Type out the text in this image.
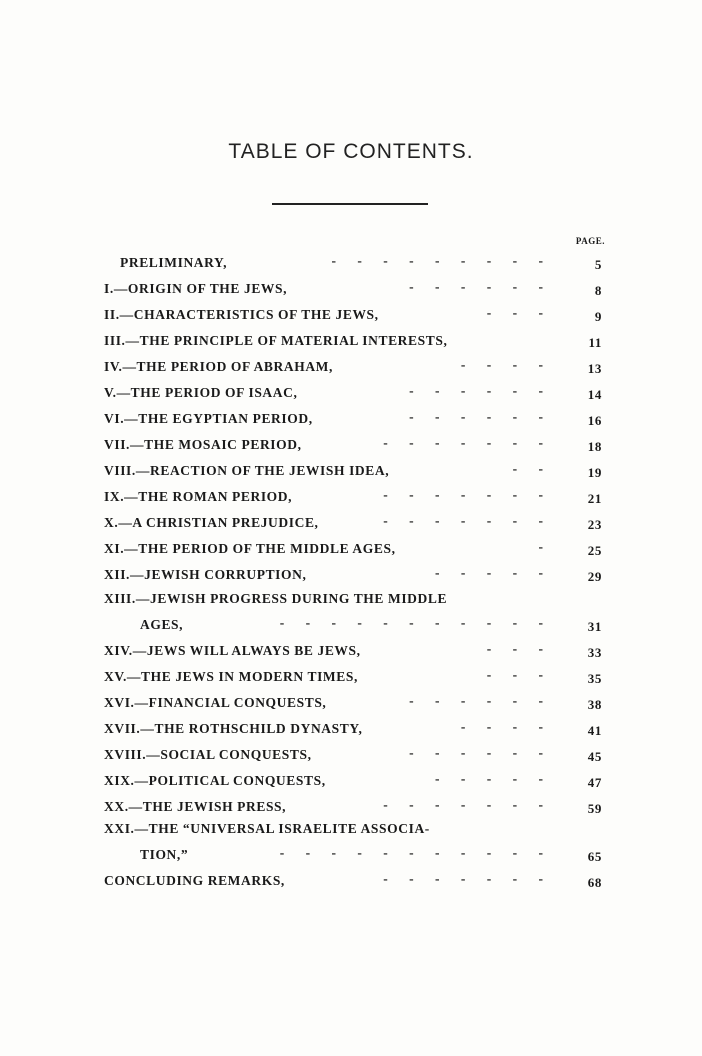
TABLE OF CONTENTS.
PAGE.
PRELIMINARY,	- - - - - - - - -	5
I.—ORIGIN OF THE JEWS,	- - - - - -	8
II.—CHARACTERISTICS OF THE JEWS,	- - -	9
III.—THE PRINCIPLE OF MATERIAL INTERESTS,	11
IV.—THE PERIOD OF ABRAHAM,	- - - -	13
V.—THE PERIOD OF ISAAC,	- - - - - -	14
VI.—THE EGYPTIAN PERIOD,	- - - - - -	16
VII.—THE MOSAIC PERIOD,	- - - - - - -	18
VIII.—REACTION OF THE JEWISH IDEA,	- -	19
IX.—THE ROMAN PERIOD,	- - - - - - -	21
X.—A CHRISTIAN PREJUDICE,	- - - - - - -	23
XI.—THE PERIOD OF THE MIDDLE AGES,	-	25
XII.—JEWISH CORRUPTION,	- - - - -	29
XIII.—JEWISH PROGRESS DURING THE MIDDLE
AGES,	- - - - - - - - - - -	31
XIV.—JEWS WILL ALWAYS BE JEWS,	- - -	33
XV.—THE JEWS IN MODERN TIMES,	- - -	35
XVI.—FINANCIAL CONQUESTS,	- - - - - -	38
XVII.—THE ROTHSCHILD DYNASTY,	- - - -	41
XVIII.—SOCIAL CONQUESTS,	- - - - - -	45
XIX.—POLITICAL CONQUESTS,	- - - - -	47
XX.—THE JEWISH PRESS,	- - - - - - -	59
XXI.—THE “UNIVERSAL ISRAELITE ASSOCIA-
TION,”	- - - - - - - - - - -	65
CONCLUDING REMARKS,	- - - - - - -	68
